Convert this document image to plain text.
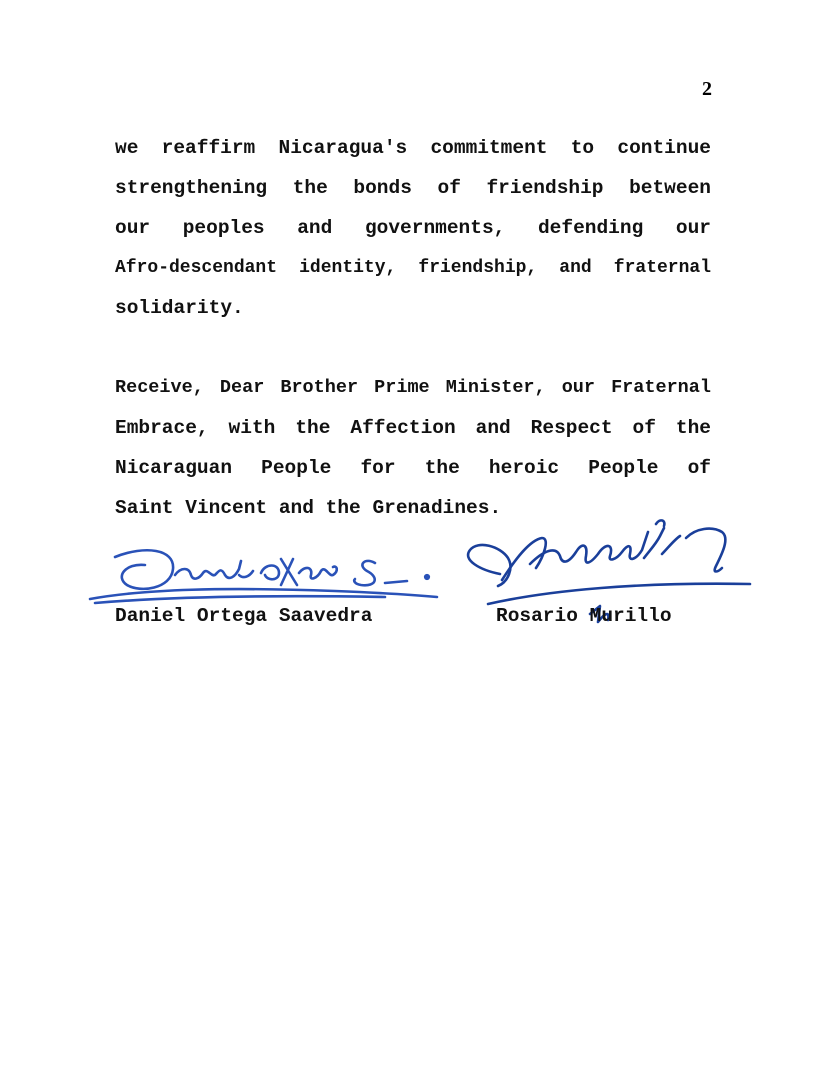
2
we reaffirm Nicaragua's commitment to continue
strengthening the bonds of friendship between
our peoples and governments, defending our
Afro-descendant identity, friendship, and fraternal
solidarity.
Receive, Dear Brother Prime Minister, our Fraternal
Embrace, with the Affection and Respect of the
Nicaraguan People for the heroic People of
Saint Vincent and the Grenadines.
Daniel Ortega Saavedra	Rosario Murillo
